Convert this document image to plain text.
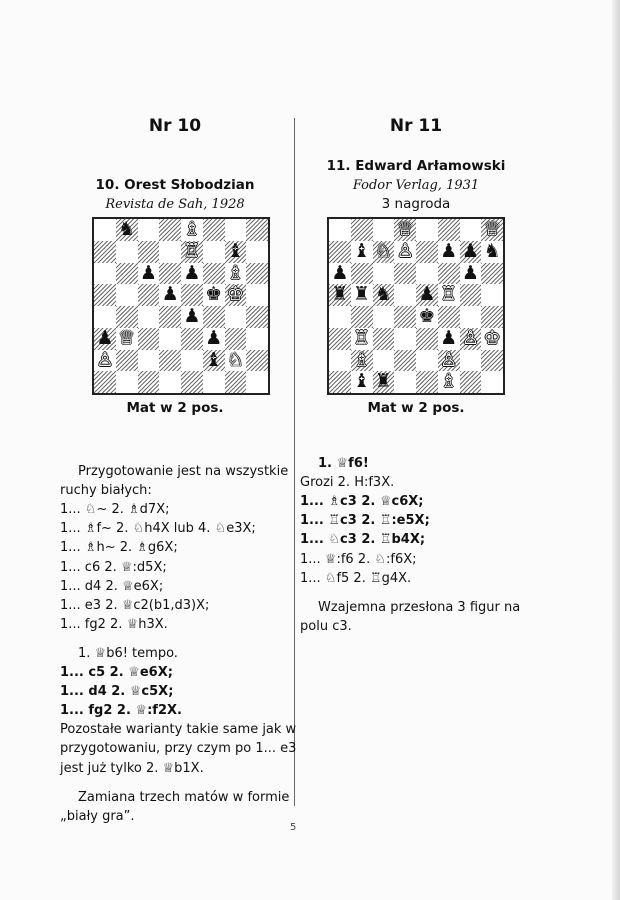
Nr 10
10. Orest Słobodzian
Revista de Sah, 1928
♞	♗
♖ ♝
♟ ♟ ♗
♟ ♚ ♔
♟
♟ ♕	♟
♙	♝ ♘
Mat w 2 pos.
Przygotowanie jest na wszystkie
ruchy białych:
1... ♘~ 2. ♗d7X;
1... ♗f~ 2. ♘h4X lub 4. ♘e3X;
1... ♗h~ 2. ♗g6X;
1... c6 2. ♕:d5X;
1... d4 2. ♕e6X;
1... e3 2. ♕c2(b1,d3)X;
1... fg2 2. ♕h3X.
1. ♕b6! tempo.
1... c5 2. ♕e6X;
1... d4 2. ♕c5X;
1... fg2 2. ♕:f2X.
Pozostałe warianty takie same jak w
przygotowaniu, przy czym po 1... e3
jest już tylko 2. ♕b1X.
Zamiana trzech matów w formie
„biały gra”.
Nr 11
11. Edward Arłamowski
Fodor Verlag, 1931
3 nagroda
♕	♕
♝ ♘ ♙ ♟ ♟ ♞
♟	♟
♜ ♜ ♞ ♟ ♖
♚
♖	♟ ♙ ♔
♗	♙
♝ ♜	♗
Mat w 2 pos.
1. ♕f6!
Grozi 2. H:f3X.
1... ♗c3 2. ♕c6X;
1... ♖c3 2. ♖:e5X;
1... ♘c3 2. ♖b4X;
1... ♕:f6 2. ♘:f6X;
1... ♘f5 2. ♖g4X.
Wzajemna przesłona 3 figur na
polu c3.
5
